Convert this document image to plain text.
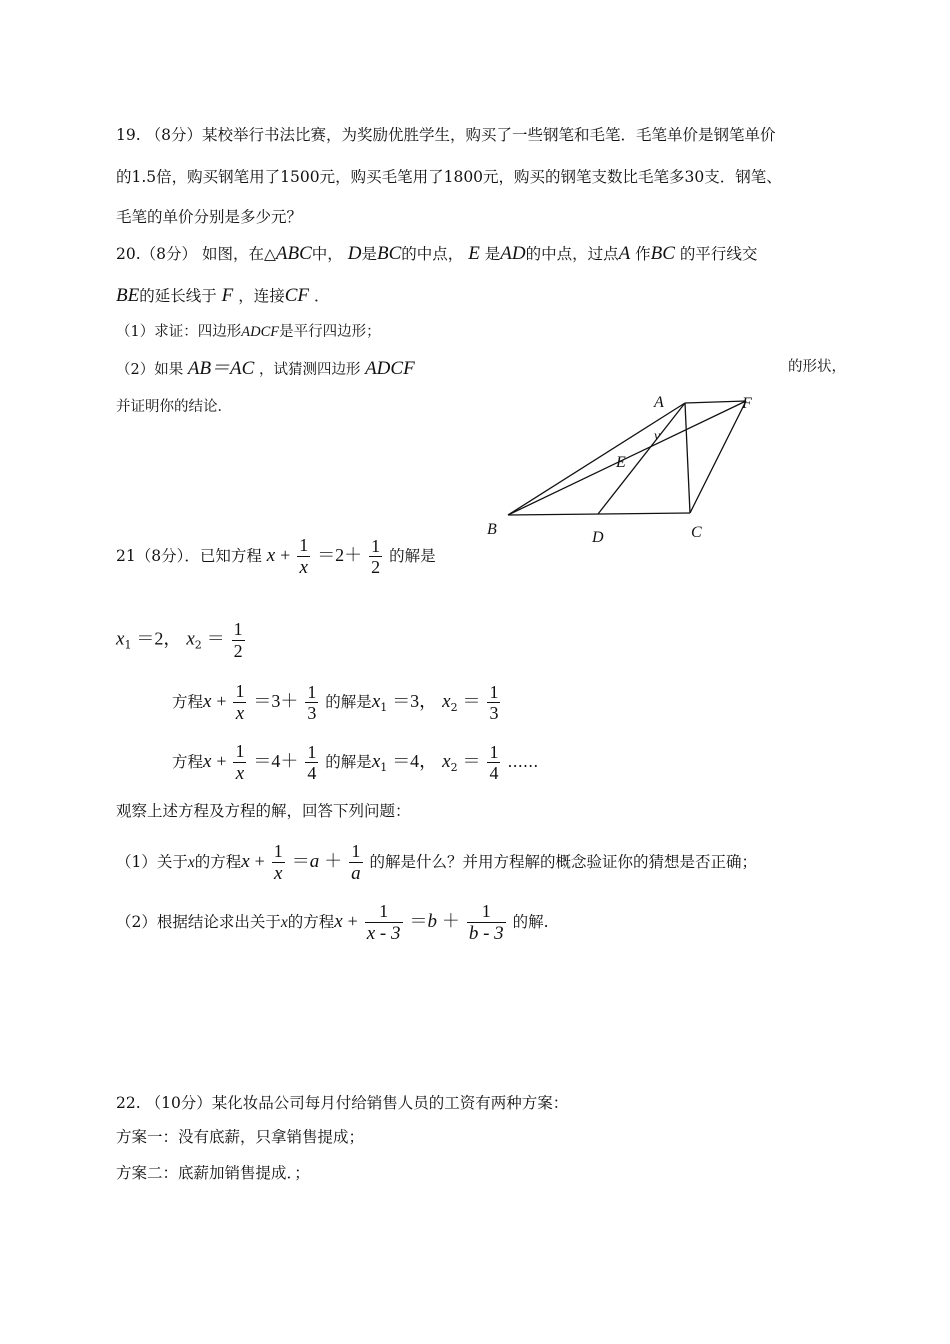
19. （8分）某校举行书法比赛，为奖励优胜学生，购买了一些钢笔和毛笔．毛笔单价是钢笔单价
的1.5倍，购买钢笔用了1500元，购买毛笔用了1800元，购买的钢笔支数比毛笔多30支．钢笔、
毛笔的单价分别是多少元？
20.（8分） 如图，在△ABC中， D是BC的中点， E 是AD的中点，过点A 作BC 的平行线交
BE的延长线于 F ，连接CF ．
（1）求证：四边形ADCF是平行四边形；
（2）如果 AB＝AC ，试猜测四边形 ADCF	的形状，
并证明你的结论．	A	F
E
v
B	D	C
21（8分）．已知方程 $x + \frac{1}{x} =2+ \frac{1}{2}$ 的解是
$x_1 =2$， $x_2 = \frac{1}{2}$
方程$x + \frac{1}{x} =3+ \frac{1}{3}$ 的解是$x_1 =3$， $x_2 = \frac{1}{3}$
方程$x + \frac{1}{x} =4+ \frac{1}{4}$ 的解是$x_1 =4$， $x_2 = \frac{1}{4}$ ……
观察上述方程及方程的解，回答下列问题：
（1）关于x的方程$x + \frac{1}{x} =a + \frac{1}{a}$ 的解是什么？并用方程解的概念验证你的猜想是否正确；
（2）根据结论求出关于x的方程$x + \frac{1}{x - 3} =b + \frac{1}{b - 3}$ 的解.
22. （10分）某化妆品公司每月付给销售人员的工资有两种方案：
方案一：没有底薪，只拿销售提成；
方案二：底薪加销售提成．；
